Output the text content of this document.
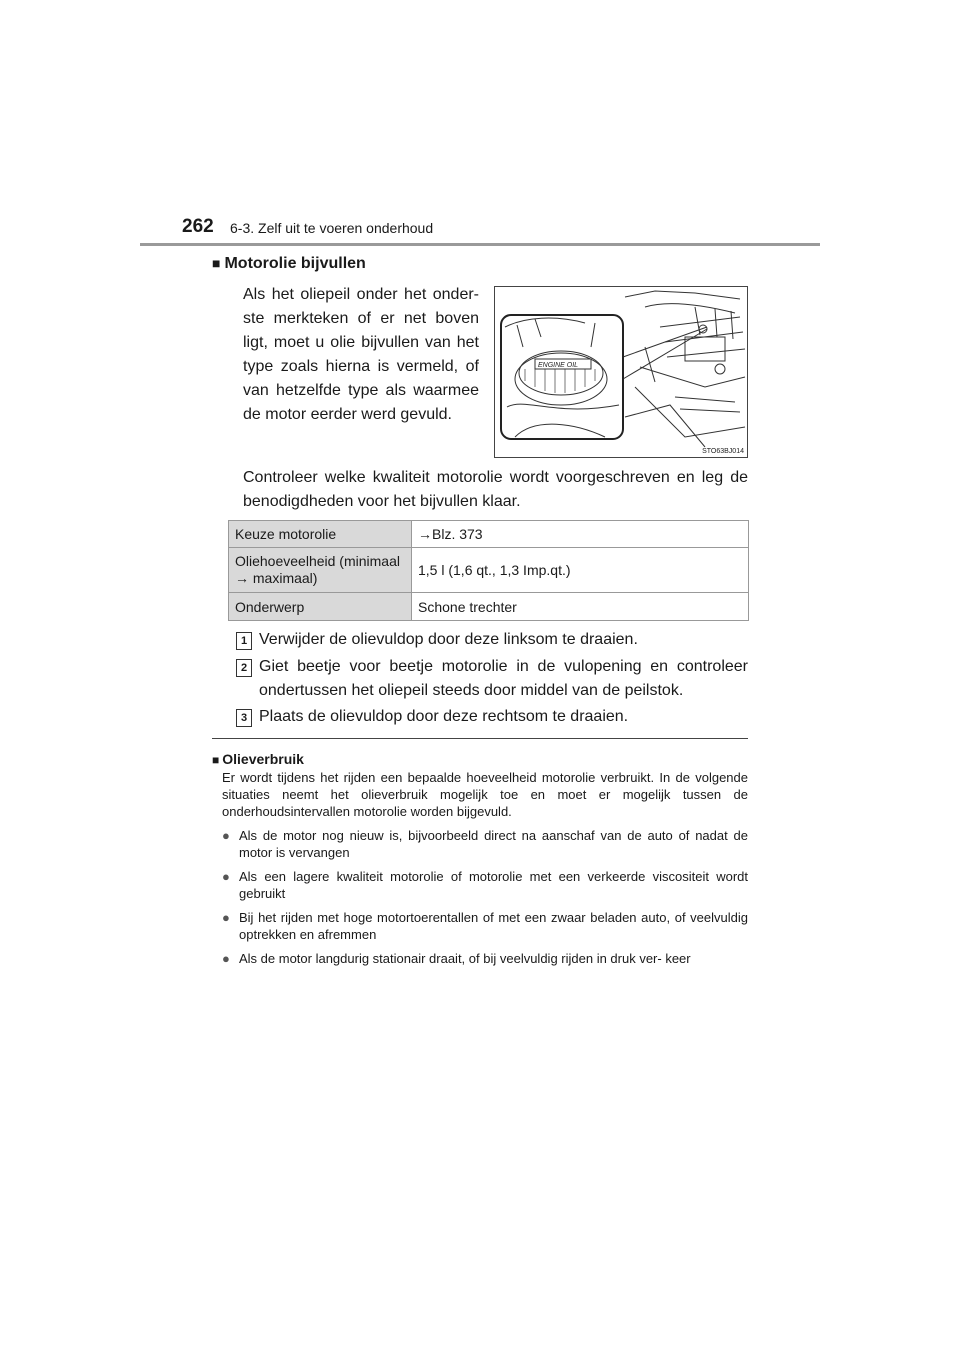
262 6-3. Zelf uit te voeren onderhoud
■ Motorolie bijvullen
Als het oliepeil onder het onder- ste merkteken of er net boven ligt, moet u olie bijvullen van het type zoals hierna is vermeld, of van hetzelfde type als waarmee de motor eerder werd gevuld.
ENGINE OIL
STO63BJ014
Controleer welke kwaliteit motorolie wordt voorgeschreven en leg de benodigdheden voor het bijvullen klaar.
Keuze motorolie	→Blz. 373
Oliehoeveelheid (minimaal → maximaal)	1,5 l (1,6 qt., 1,3 Imp.qt.)
Onderwerp	Schone trechter
1 Verwijder de olievuldop door deze linksom te draaien.
2 Giet beetje voor beetje motorolie in de vulopening en controleer ondertussen het oliepeil steeds door middel van de peilstok.
3 Plaats de olievuldop door deze rechtsom te draaien.
■ Olieverbruik
Er wordt tijdens het rijden een bepaalde hoeveelheid motorolie verbruikt. In de volgende situaties neemt het olieverbruik mogelijk toe en moet er mogelijk tussen de onderhoudsintervallen motorolie worden bijgevuld.
● Als de motor nog nieuw is, bijvoorbeeld direct na aanschaf van de auto of nadat de motor is vervangen
● Als een lagere kwaliteit motorolie of motorolie met een verkeerde viscositeit wordt gebruikt
● Bij het rijden met hoge motortoerentallen of met een zwaar beladen auto, of veelvuldig optrekken en afremmen
● Als de motor langdurig stationair draait, of bij veelvuldig rijden in druk ver- keer
